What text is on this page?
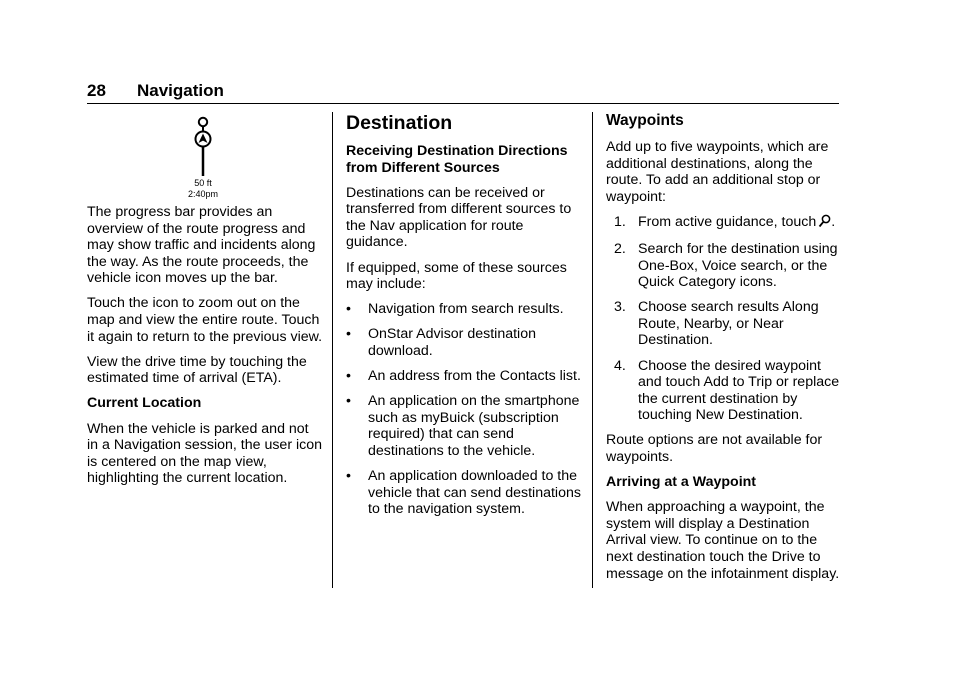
28 Navigation
50 ft
2:40pm

The progress bar provides an overview of the route progress and may show traffic and incidents along the way. As the route proceeds, the vehicle icon moves up the bar.

Touch the icon to zoom out on the map and view the entire route. Touch it again to return to the previous view.

View the drive time by touching the estimated time of arrival (ETA).

Current Location

When the vehicle is parked and not in a Navigation session, the user icon is centered on the map view, highlighting the current location.

Destination

Receiving Destination Directions from Different Sources

Destinations can be received or transferred from different sources to the Nav application for route guidance.

If equipped, some of these sources may include:

• Navigation from search results.
• OnStar Advisor destination download.
• An address from the Contacts list.
• An application on the smartphone such as myBuick (subscription required) that can send destinations to the vehicle.
• An application downloaded to the vehicle that can send destinations to the navigation system.
Waypoints

Add up to five waypoints, which are additional destinations, along the route. To add an additional stop or waypoint:

1. From active guidance, touch .
2. Search for the destination using One-Box, Voice search, or the Quick Category icons.
3. Choose search results Along Route, Nearby, or Near Destination.
4. Choose the desired waypoint and touch Add to Trip or replace the current destination by touching New Destination.

Route options are not available for waypoints.

Arriving at a Waypoint

When approaching a waypoint, the system will display a Destination Arrival view. To continue on to the next destination touch the Drive to message on the infotainment display.
